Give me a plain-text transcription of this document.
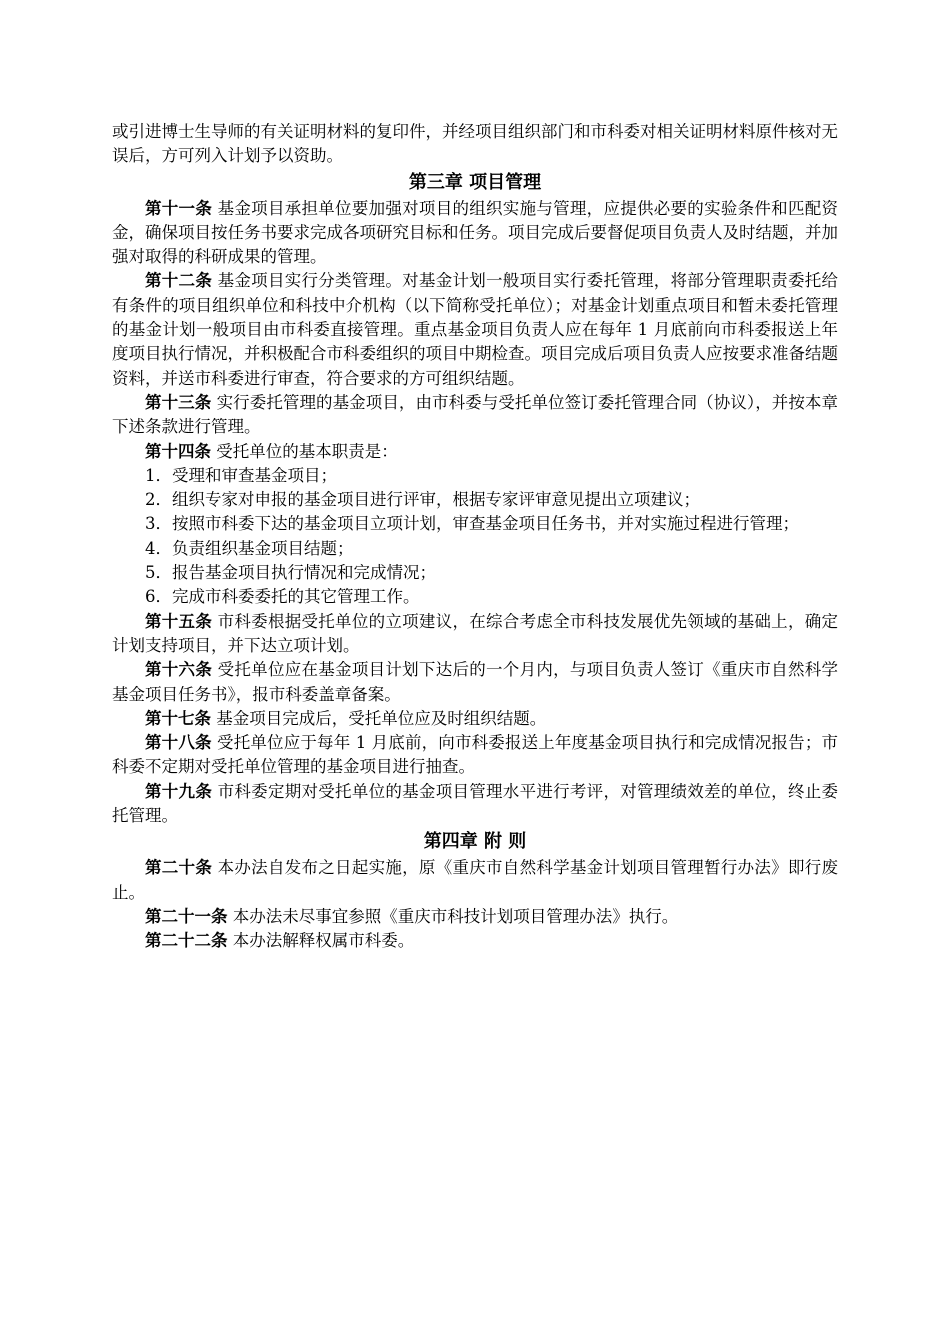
或引进博士生导师的有关证明材料的复印件，并经项目组织部门和市科委对相关证明材料原件核对无误后，方可列入计划予以资助。

第三章 项目管理

第十一条 基金项目承担单位要加强对项目的组织实施与管理，应提供必要的实验条件和匹配资金，确保项目按任务书要求完成各项研究目标和任务。项目完成后要督促项目负责人及时结题，并加强对取得的科研成果的管理。

第十二条 基金项目实行分类管理。对基金计划一般项目实行委托管理，将部分管理职责委托给有条件的项目组织单位和科技中介机构（以下简称受托单位）；对基金计划重点项目和暂未委托管理的基金计划一般项目由市科委直接管理。重点基金项目负责人应在每年 1 月底前向市科委报送上年度项目执行情况，并积极配合市科委组织的项目中期检查。项目完成后项目负责人应按要求准备结题资料，并送市科委进行审查，符合要求的方可组织结题。

第十三条 实行委托管理的基金项目，由市科委与受托单位签订委托管理合同（协议），并按本章下述条款进行管理。

第十四条 受托单位的基本职责是：

1．受理和审查基金项目；

2．组织专家对申报的基金项目进行评审，根据专家评审意见提出立项建议；

3．按照市科委下达的基金项目立项计划，审查基金项目任务书，并对实施过程进行管理；

4．负责组织基金项目结题；

5．报告基金项目执行情况和完成情况；

6．完成市科委委托的其它管理工作。

第十五条 市科委根据受托单位的立项建议，在综合考虑全市科技发展优先领域的基础上，确定计划支持项目，并下达立项计划。

第十六条 受托单位应在基金项目计划下达后的一个月内，与项目负责人签订《重庆市自然科学基金项目任务书》，报市科委盖章备案。

第十七条 基金项目完成后，受托单位应及时组织结题。

第十八条 受托单位应于每年 1 月底前，向市科委报送上年度基金项目执行和完成情况报告；市科委不定期对受托单位管理的基金项目进行抽查。

第十九条 市科委定期对受托单位的基金项目管理水平进行考评，对管理绩效差的单位，终止委托管理。

第四章 附 则

第二十条 本办法自发布之日起实施，原《重庆市自然科学基金计划项目管理暂行办法》即行废止。

第二十一条 本办法未尽事宜参照《重庆市科技计划项目管理办法》执行。

第二十二条 本办法解释权属市科委。
